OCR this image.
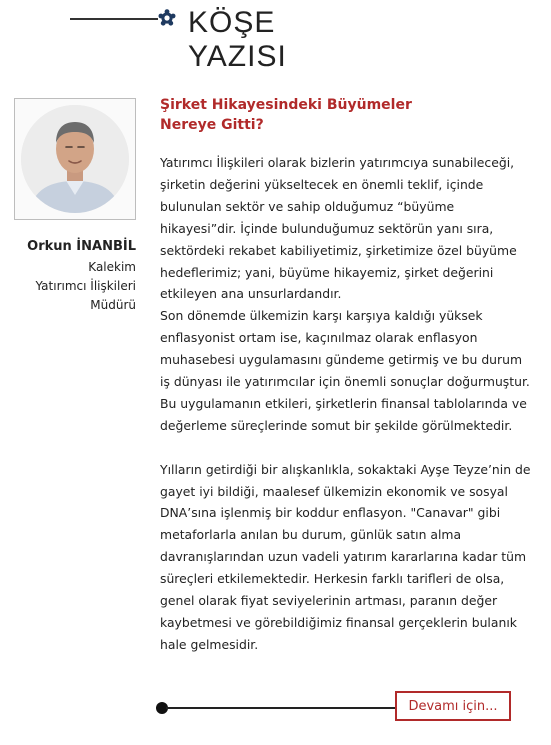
KÖŞE
YAZISI
Orkun İNANBİL
Kalekim
Yatırımcı İlişkileri
Müdürü
Şirket Hikayesindeki Büyümeler
Nereye Gitti?

Yatırımcı İlişkileri olarak bizlerin yatırımcıya sunabileceği, şirketin değerini yükseltecek en önemli teklif, içinde bulunulan sektör ve sahip olduğumuz “büyüme hikayesi”dir. İçinde bulunduğumuz sektörün yanı sıra, sektördeki rekabet kabiliyetimiz, şirketimize özel büyüme hedeflerimiz; yani, büyüme hikayemiz, şirket değerini etkileyen ana unsurlardandır.

Son dönemde ülkemizin karşı karşıya kaldığı yüksek enflasyonist ortam ise, kaçınılmaz olarak enflasyon muhasebesi uygulamasını gündeme getirmiş ve bu durum iş dünyası ile yatırımcılar için önemli sonuçlar doğurmuştur. Bu uygulamanın etkileri, şirketlerin finansal tablolarında ve değerleme süreçlerinde somut bir şekilde görülmektedir.

Yılların getirdiği bir alışkanlıkla, sokaktaki Ayşe Teyze’nin de gayet iyi bildiği, maalesef ülkemizin ekonomik ve sosyal DNA’sına işlenmiş bir koddur enflasyon. "Canavar" gibi metaforlarla anılan bu durum, günlük satın alma davranışlarından uzun vadeli yatırım kararlarına kadar tüm süreçleri etkilemektedir. Herkesin farklı tarifleri de olsa, genel olarak fiyat seviyelerinin artması, paranın değer kaybetmesi ve görebildiğimiz finansal gerçeklerin bulanık hale gelmesidir.

Devamı için...
